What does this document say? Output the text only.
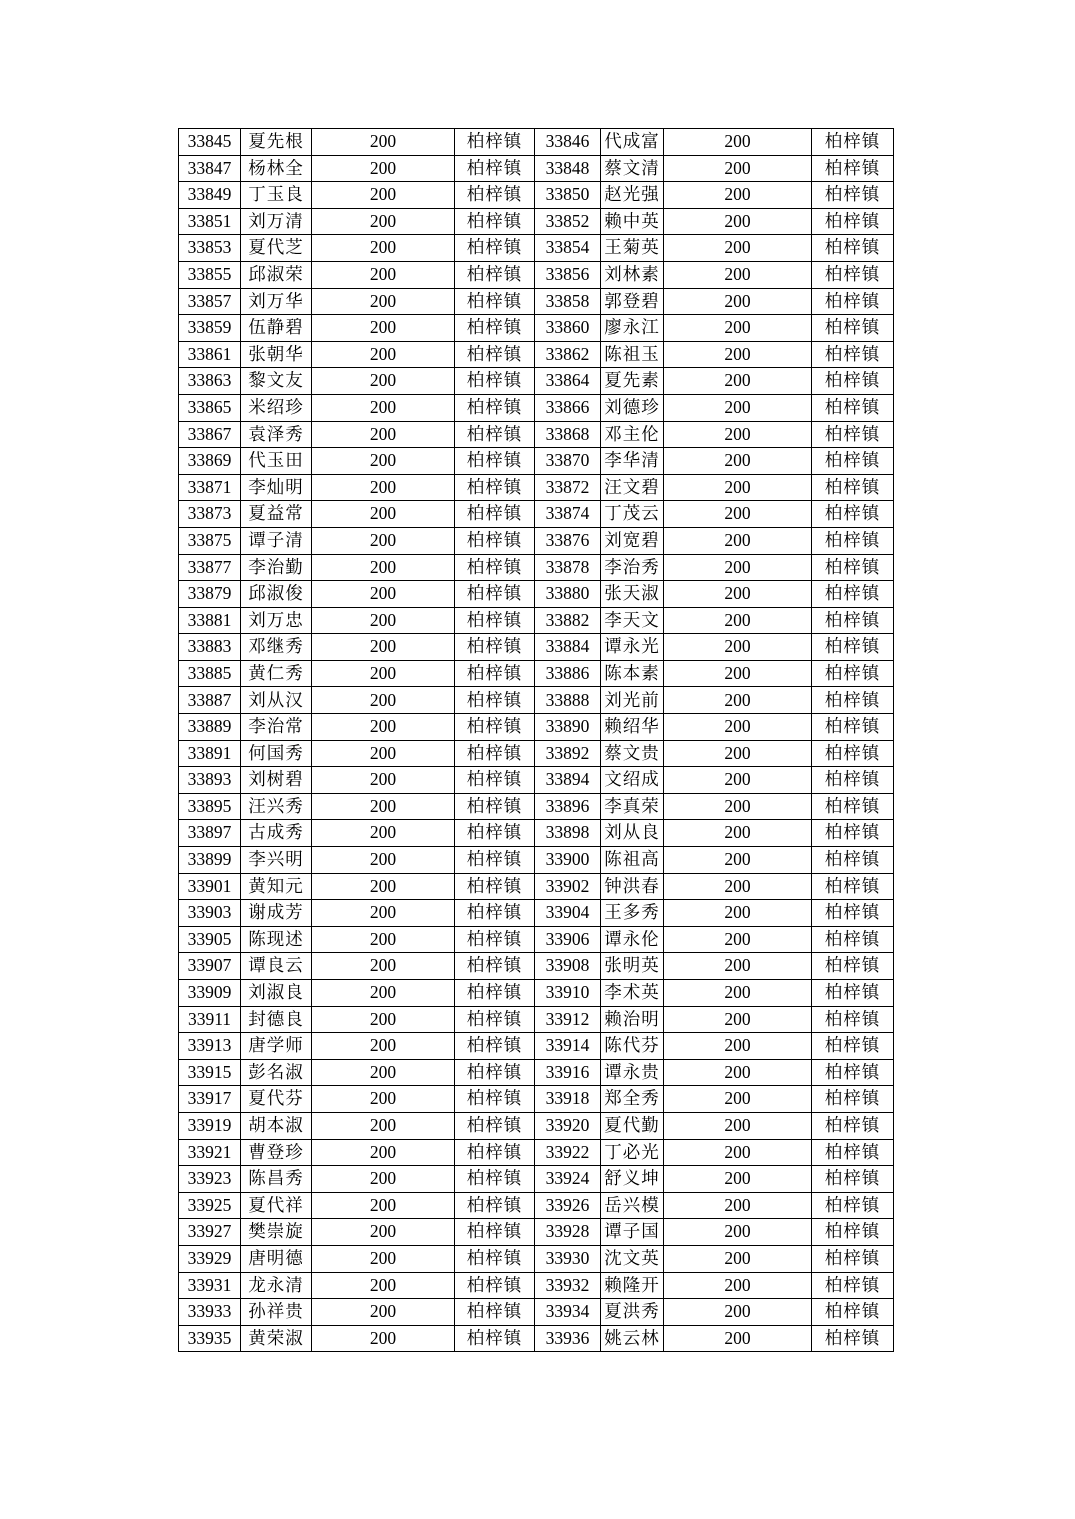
33845	夏先根	200	柏梓镇	33846	代成富	200	柏梓镇
33847	杨林全	200	柏梓镇	33848	蔡文清	200	柏梓镇
33849	丁玉良	200	柏梓镇	33850	赵光强	200	柏梓镇
33851	刘万清	200	柏梓镇	33852	赖中英	200	柏梓镇
33853	夏代芝	200	柏梓镇	33854	王菊英	200	柏梓镇
33855	邱淑荣	200	柏梓镇	33856	刘林素	200	柏梓镇
33857	刘万华	200	柏梓镇	33858	郭登碧	200	柏梓镇
33859	伍静碧	200	柏梓镇	33860	廖永江	200	柏梓镇
33861	张朝华	200	柏梓镇	33862	陈祖玉	200	柏梓镇
33863	黎文友	200	柏梓镇	33864	夏先素	200	柏梓镇
33865	米绍珍	200	柏梓镇	33866	刘德珍	200	柏梓镇
33867	袁泽秀	200	柏梓镇	33868	邓主伦	200	柏梓镇
33869	代玉田	200	柏梓镇	33870	李华清	200	柏梓镇
33871	李灿明	200	柏梓镇	33872	汪文碧	200	柏梓镇
33873	夏益常	200	柏梓镇	33874	丁茂云	200	柏梓镇
33875	谭子清	200	柏梓镇	33876	刘宽碧	200	柏梓镇
33877	李治勤	200	柏梓镇	33878	李治秀	200	柏梓镇
33879	邱淑俊	200	柏梓镇	33880	张天淑	200	柏梓镇
33881	刘万忠	200	柏梓镇	33882	李天文	200	柏梓镇
33883	邓继秀	200	柏梓镇	33884	谭永光	200	柏梓镇
33885	黄仁秀	200	柏梓镇	33886	陈本素	200	柏梓镇
33887	刘从汉	200	柏梓镇	33888	刘光前	200	柏梓镇
33889	李治常	200	柏梓镇	33890	赖绍华	200	柏梓镇
33891	何国秀	200	柏梓镇	33892	蔡文贵	200	柏梓镇
33893	刘树碧	200	柏梓镇	33894	文绍成	200	柏梓镇
33895	汪兴秀	200	柏梓镇	33896	李真荣	200	柏梓镇
33897	古成秀	200	柏梓镇	33898	刘从良	200	柏梓镇
33899	李兴明	200	柏梓镇	33900	陈祖高	200	柏梓镇
33901	黄知元	200	柏梓镇	33902	钟洪春	200	柏梓镇
33903	谢成芳	200	柏梓镇	33904	王多秀	200	柏梓镇
33905	陈现述	200	柏梓镇	33906	谭永伦	200	柏梓镇
33907	谭良云	200	柏梓镇	33908	张明英	200	柏梓镇
33909	刘淑良	200	柏梓镇	33910	李术英	200	柏梓镇
33911	封德良	200	柏梓镇	33912	赖治明	200	柏梓镇
33913	唐学师	200	柏梓镇	33914	陈代芬	200	柏梓镇
33915	彭名淑	200	柏梓镇	33916	谭永贵	200	柏梓镇
33917	夏代芬	200	柏梓镇	33918	郑全秀	200	柏梓镇
33919	胡本淑	200	柏梓镇	33920	夏代勤	200	柏梓镇
33921	曹登珍	200	柏梓镇	33922	丁必光	200	柏梓镇
33923	陈昌秀	200	柏梓镇	33924	舒义坤	200	柏梓镇
33925	夏代祥	200	柏梓镇	33926	岳兴模	200	柏梓镇
33927	樊崇旋	200	柏梓镇	33928	谭子国	200	柏梓镇
33929	唐明德	200	柏梓镇	33930	沈文英	200	柏梓镇
33931	龙永清	200	柏梓镇	33932	赖隆开	200	柏梓镇
33933	孙祥贵	200	柏梓镇	33934	夏洪秀	200	柏梓镇
33935	黄荣淑	200	柏梓镇	33936	姚云林	200	柏梓镇
